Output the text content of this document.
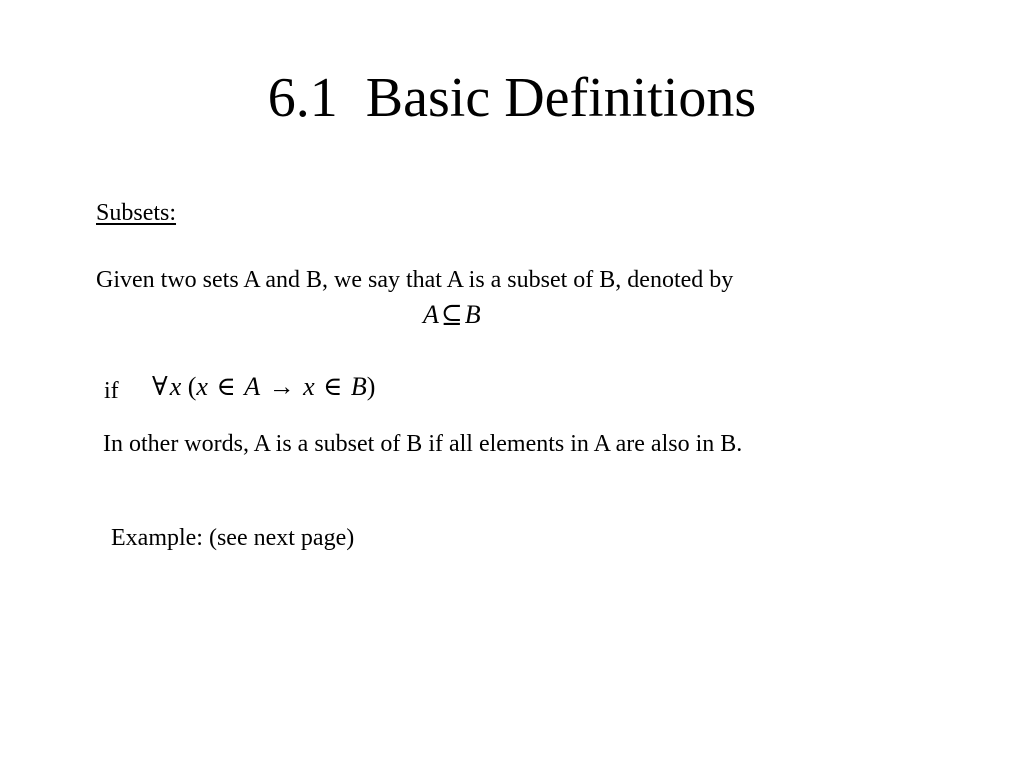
6.1  Basic Definitions
Subsets:
Given two sets A and B, we say that A is a subset of B, denoted by
A⊆B
if ∀x (x ∈ A → x ∈ B)
In other words, A is a subset of B if all elements in A are also in B.
Example: (see next page)
